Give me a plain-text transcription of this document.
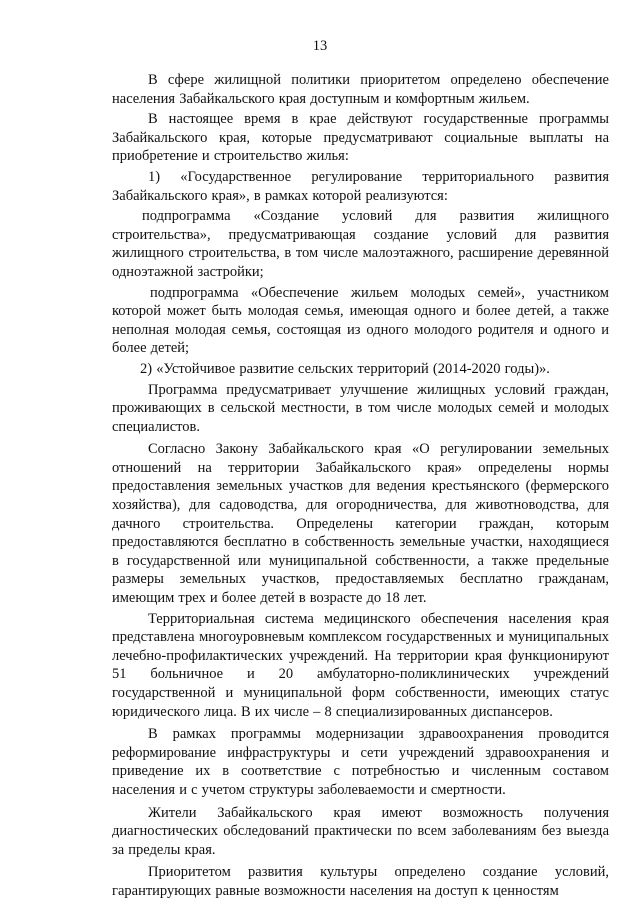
13

В сфере жилищной политики приоритетом определено обеспечение населения Забайкальского края доступным и комфортным жильем.

В настоящее время в крае действуют государственные программы Забайкальского края, которые предусматривают социальные выплаты на приобретение и строительство жилья:

1) «Государственное регулирование территориального развития Забайкальского края», в рамках которой реализуются:

подпрограмма «Создание условий для развития жилищного строительства», предусматривающая создание условий для развития жилищного строительства, в том числе малоэтажного, расширение деревянной одноэтажной застройки;

подпрограмма «Обеспечение жильем молодых семей», участником которой может быть молодая семья, имеющая одного и более детей, а также неполная молодая семья, состоящая из одного молодого родителя и одного и более детей;

2) «Устойчивое развитие сельских территорий (2014-2020 годы)».

Программа предусматривает улучшение жилищных условий граждан, проживающих в сельской местности, в том числе молодых семей и молодых специалистов.

Согласно Закону Забайкальского края «О регулировании земельных отношений на территории Забайкальского края» определены нормы предоставления земельных участков для ведения крестьянского (фермерского хозяйства), для садоводства, для огородничества, для животноводства, для дачного строительства. Определены категории граждан, которым предоставляются бесплатно в собственность земельные участки, находящиеся в государственной или муниципальной собственности, а также предельные размеры земельных участков, предоставляемых бесплатно гражданам, имеющим трех и более детей в возрасте до 18 лет.

Территориальная система медицинского обеспечения населения края представлена многоуровневым комплексом государственных и муниципальных лечебно-профилактических учреждений. На территории края функционируют 51 больничное и 20 амбулаторно-поликлинических учреждений государственной и муниципальной форм собственности, имеющих статус юридического лица. В их числе – 8 специализированных диспансеров.

В рамках программы модернизации здравоохранения проводится реформирование инфраструктуры и сети учреждений здравоохранения и приведение их в соответствие с потребностью и численным составом населения и с учетом структуры заболеваемости и смертности.

Жители Забайкальского края имеют возможность получения диагностических обследований практически по всем заболеваниям без выезда за пределы края.

Приоритетом развития культуры определено создание условий, гарантирующих равные возможности населения на доступ к ценностям
